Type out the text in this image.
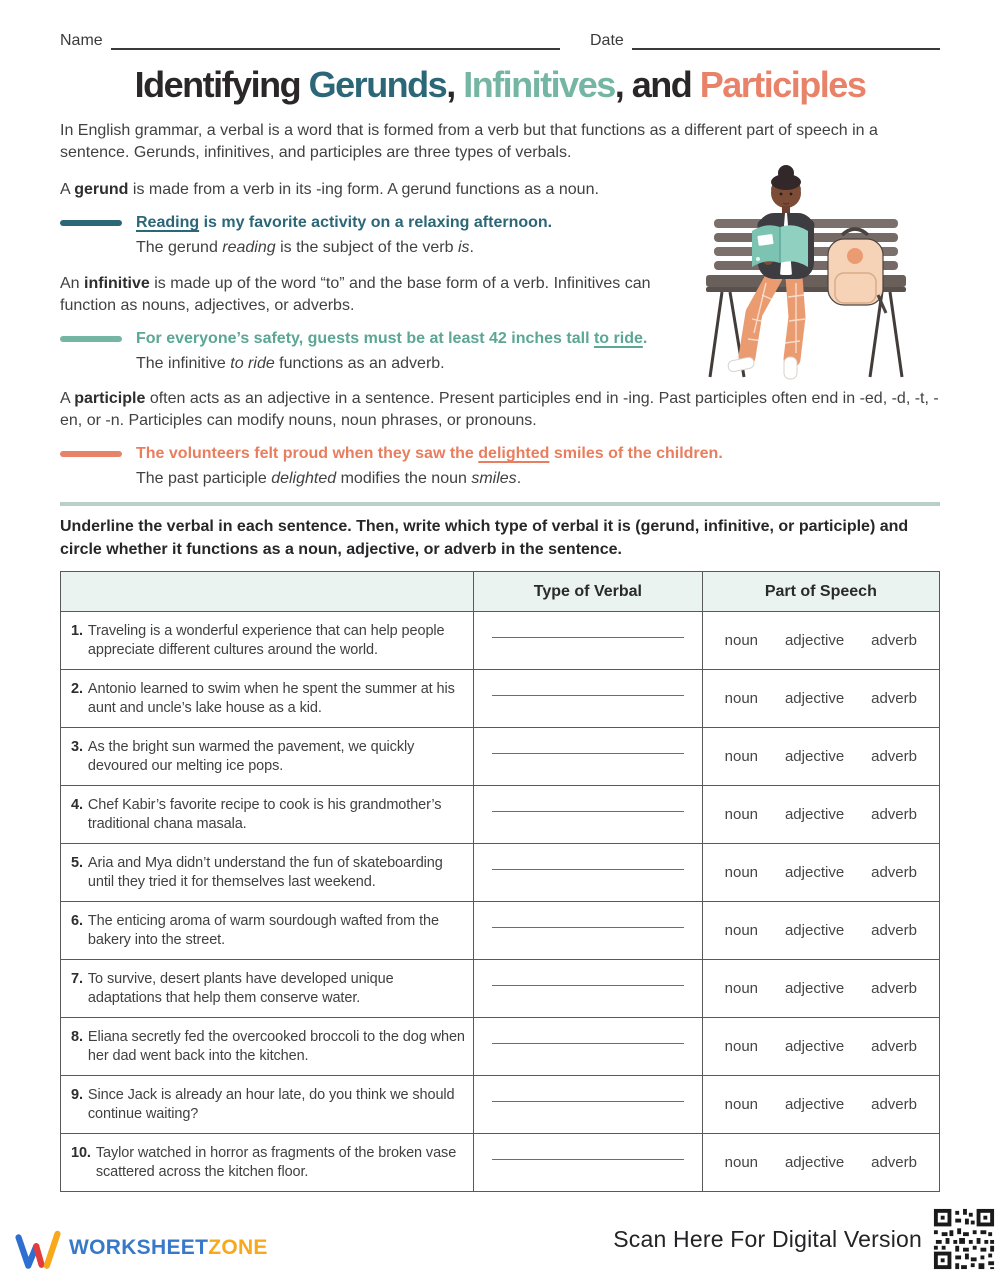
Name	Date
Identifying Gerunds, Infinitives, and Participles

In English grammar, a verbal is a word that is formed from a verb but that functions as a different part of speech in a sentence. Gerunds, infinitives, and participles are three types of verbals.

A gerund is made from a verb in its -ing form. A gerund functions as a noun.

Reading is my favorite activity on a relaxing afternoon.

The gerund reading is the subject of the verb is.

An infinitive is made up of the word “to” and the base form of a verb. Infinitives can function as nouns, adjectives, or adverbs.

For everyone’s safety, guests must be at least 42 inches tall to ride.

The infinitive to ride functions as an adverb.

A participle often acts as an adjective in a sentence. Present participles end in -ing. Past participles often end in -ed, -d, -t, -en, or -n. Participles can modify nouns, noun phrases, or pronouns.

The volunteers felt proud when they saw the delighted smiles of the children.

The past participle delighted modifies the noun smiles.

Underline the verbal in each sentence. Then, write which type of verbal it is (gerund, infinitive, or participle) and circle whether it functions as a noun, adjective, or adverb in the sentence.

	Type of Verbal	Part of Speech

1. Traveling is a wonderful experience that can help people appreciate different cultures around the world.		noun adjective adverb

2. Antonio learned to swim when he spent the summer at his aunt and uncle’s lake house as a kid.		noun adjective adverb

3. As the bright sun warmed the pavement, we quickly devoured our melting ice pops.		noun adjective adverb

4. Chef Kabir’s favorite recipe to cook is his grandmother’s traditional chana masala.		noun adjective adverb

5. Aria and Mya didn’t understand the fun of skateboarding until they tried it for themselves last weekend.		noun adjective adverb

6. The enticing aroma of warm sourdough wafted from the bakery into the street.		noun adjective adverb

7. To survive, desert plants have developed unique adaptations that help them conserve water.		noun adjective adverb

8. Eliana secretly fed the overcooked broccoli to the dog when her dad went back into the kitchen.		noun adjective adverb

9. Since Jack is already an hour late, do you think we should continue waiting?		noun adjective adverb

10. Taylor watched in horror as fragments of the broken vase scattered across the kitchen floor.		noun adjective adverb
WORKSHEETZONE	Scan Here For Digital Version
